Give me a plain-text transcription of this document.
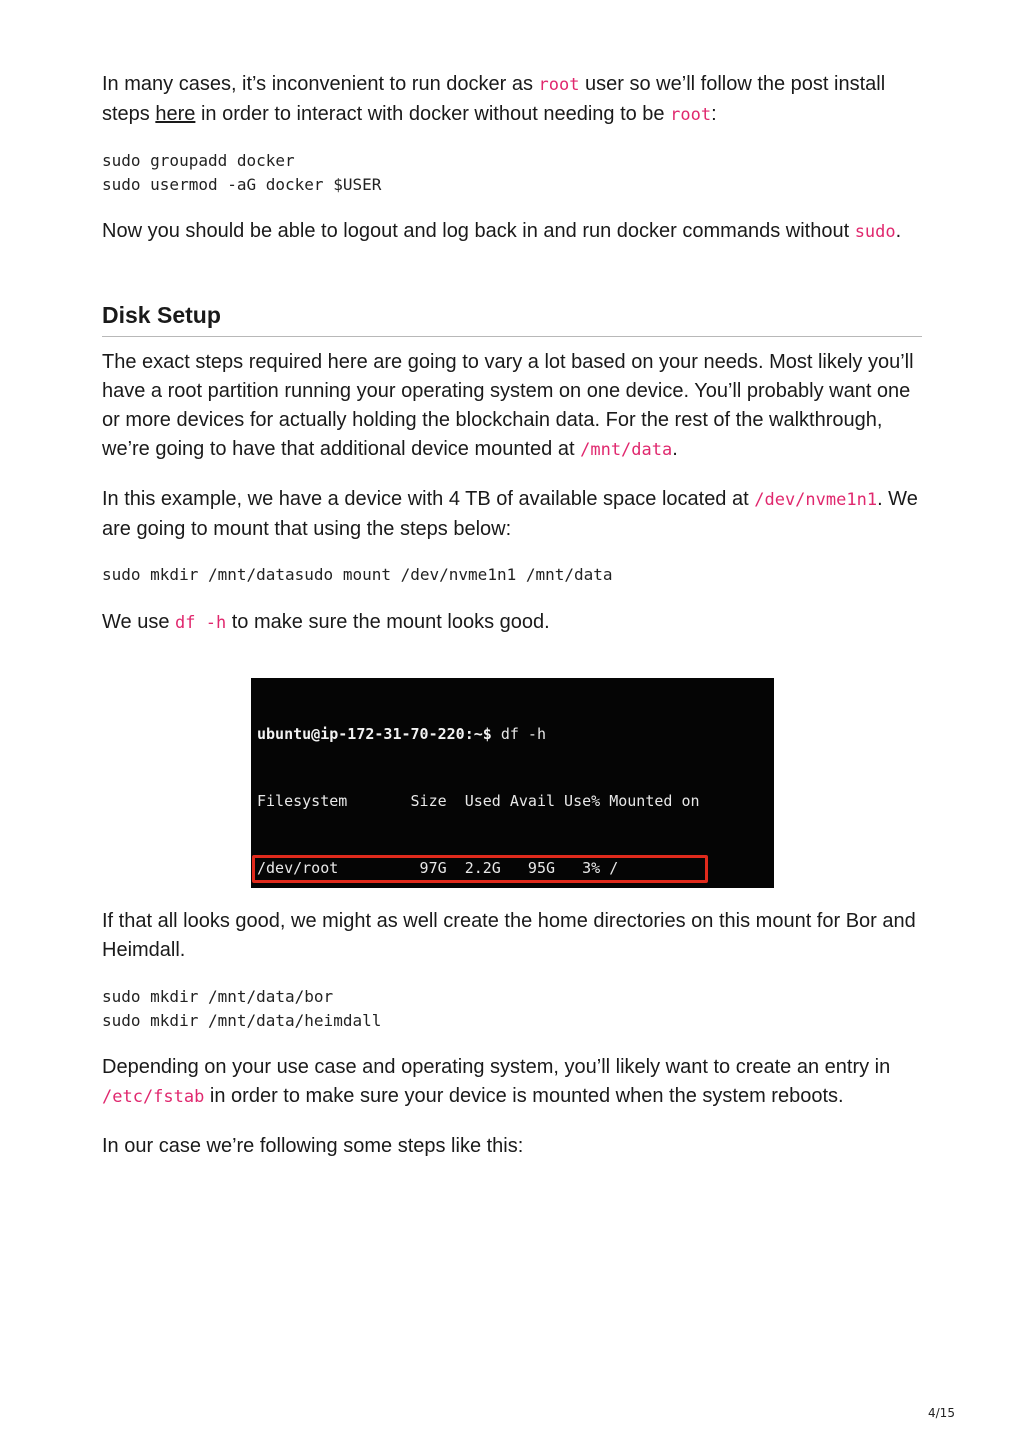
In many cases, it’s inconvenient to run docker as root user so we’ll follow the post install steps here in order to interact with docker without needing to be root:

sudo groupadd docker
sudo usermod -aG docker $USER

Now you should be able to logout and log back in and run docker commands without sudo.

Disk Setup

The exact steps required here are going to vary a lot based on your needs. Most likely you’ll have a root partition running your operating system on one device. You’ll probably want one or more devices for actually holding the blockchain data. For the rest of the walkthrough, we’re going to have that additional device mounted at /mnt/data.

In this example, we have a device with 4 TB of available space located at /dev/nvme1n1. We are going to mount that using the steps below:

sudo mkdir /mnt/datasudo mount /dev/nvme1n1 /mnt/data

We use df -h to make sure the mount looks good.

ubuntu@ip-172-31-70-220:~$ df -h

Filesystem       Size  Used Avail Use% Mounted on

/dev/root         97G  2.2G   95G   3% /

If that all looks good, we might as well create the home directories on this mount for Bor and Heimdall.

sudo mkdir /mnt/data/bor
sudo mkdir /mnt/data/heimdall

Depending on your use case and operating system, you’ll likely want to create an entry in /etc/fstab in order to make sure your device is mounted when the system reboots.

In our case we’re following some steps like this:

4/15
